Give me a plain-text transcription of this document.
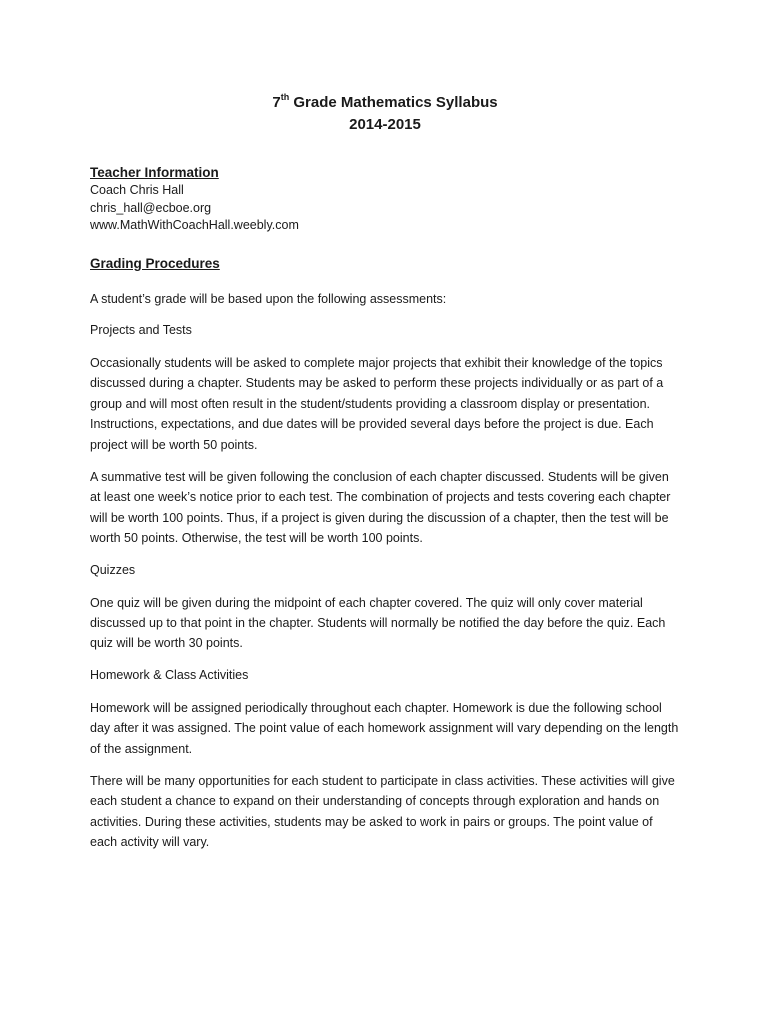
7th Grade Mathematics Syllabus
2014-2015
Teacher Information
Coach Chris Hall
chris_hall@ecboe.org
www.MathWithCoachHall.weebly.com
Grading Procedures

A student’s grade will be based upon the following assessments:

Projects and Tests

Occasionally students will be asked to complete major projects that exhibit their knowledge of the topics discussed during a chapter. Students may be asked to perform these projects individually or as part of a group and will most often result in the student/students providing a classroom display or presentation. Instructions, expectations, and due dates will be provided several days before the project is due. Each project will be worth 50 points.

A summative test will be given following the conclusion of each chapter discussed. Students will be given at least one week’s notice prior to each test. The combination of projects and tests covering each chapter will be worth 100 points. Thus, if a project is given during the discussion of a chapter, then the test will be worth 50 points. Otherwise, the test will be worth 100 points.

Quizzes

One quiz will be given during the midpoint of each chapter covered. The quiz will only cover material discussed up to that point in the chapter. Students will normally be notified the day before the quiz. Each quiz will be worth 30 points.

Homework & Class Activities

Homework will be assigned periodically throughout each chapter. Homework is due the following school day after it was assigned. The point value of each homework assignment will vary depending on the length of the assignment.

There will be many opportunities for each student to participate in class activities. These activities will give each student a chance to expand on their understanding of concepts through exploration and hands on activities. During these activities, students may be asked to work in pairs or groups. The point value of each activity will vary.
